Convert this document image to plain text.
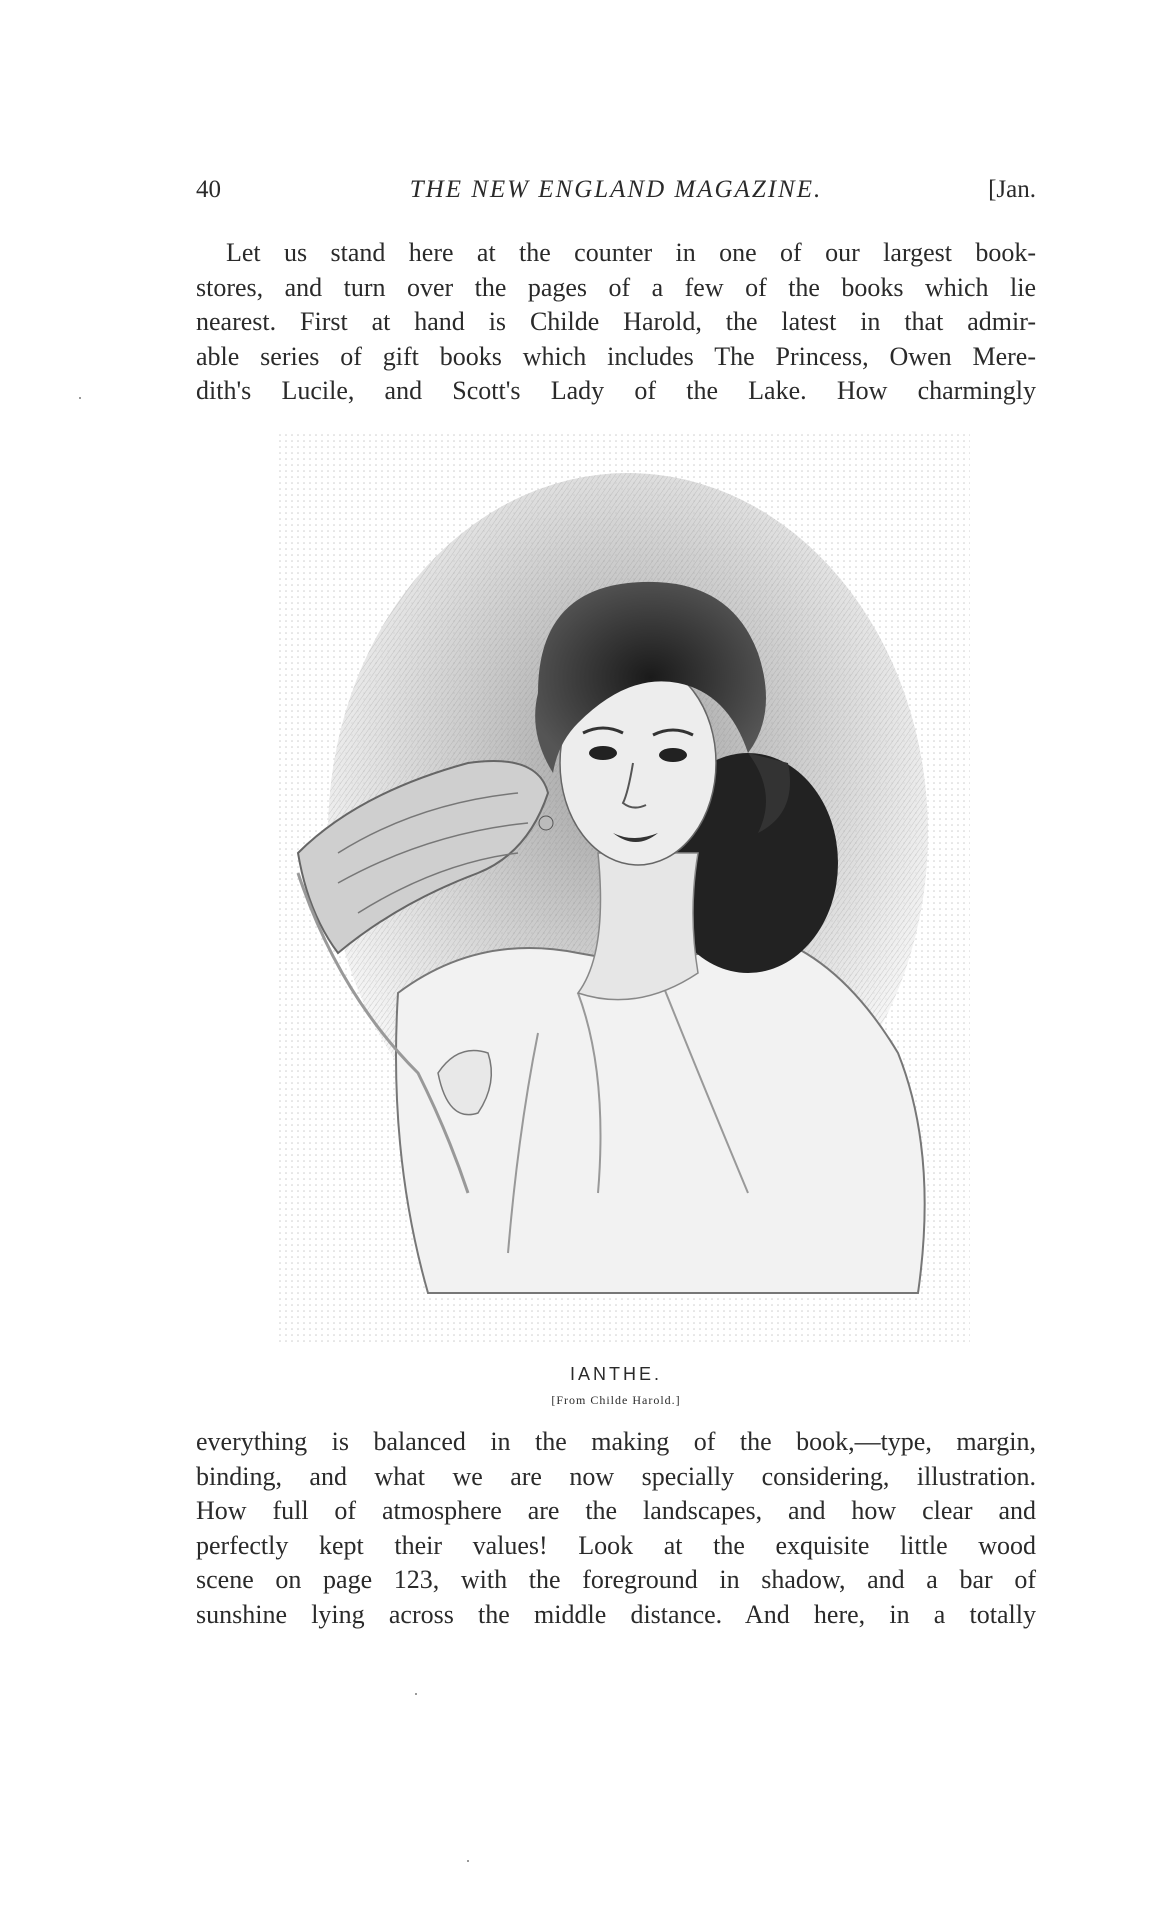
40	THE NEW ENGLAND MAGAZINE.	[Jan.
Let us stand here at the counter in one of our largest book-
stores, and turn over the pages of a few of the books which lie
nearest. First at hand is Childe Harold, the latest in that admir-
able series of gift books which includes The Princess, Owen Mere-
dith's Lucile, and Scott's Lady of the Lake. How charmingly
IANTHE.
[From Childe Harold.]
everything is balanced in the making of the book,—type, margin,
binding, and what we are now specially considering, illustration.
How full of atmosphere are the landscapes, and how clear and
perfectly kept their values! Look at the exquisite little wood
scene on page 123, with the foreground in shadow, and a bar of
sunshine lying across the middle distance. And here, in a totally
